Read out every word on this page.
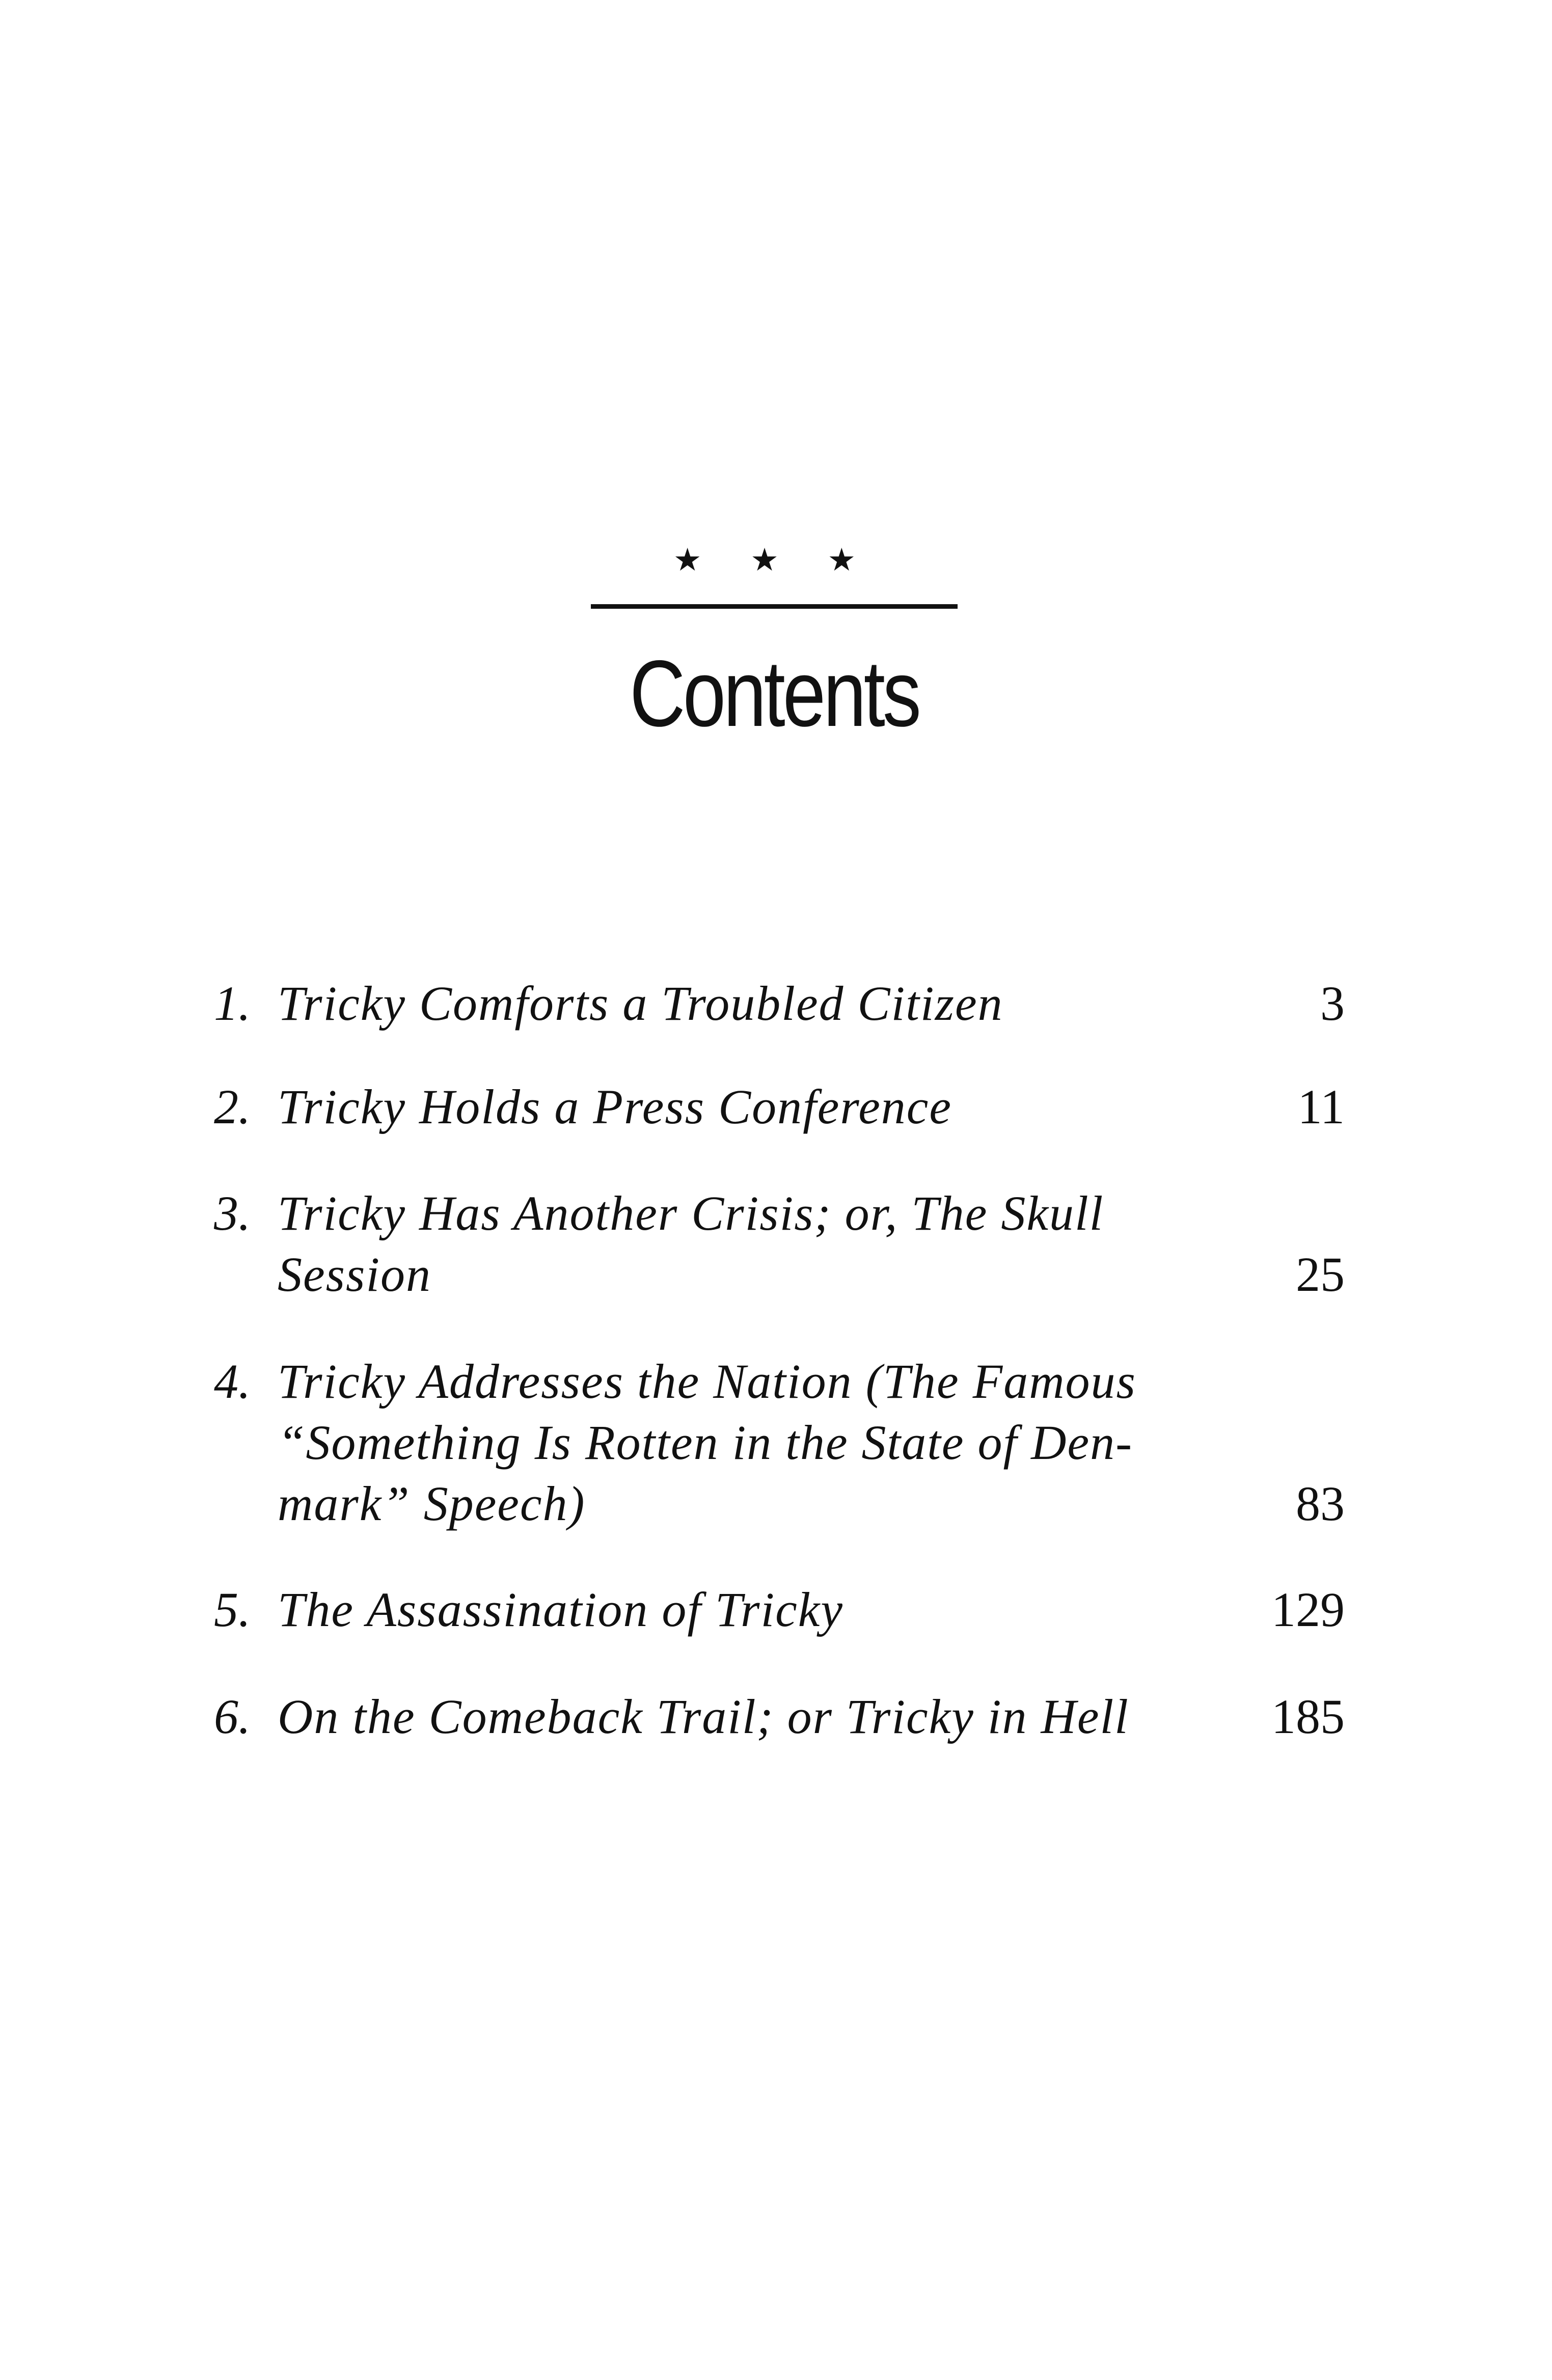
★ ★ ★
Contents
1. Tricky Comforts a Troubled Citizen	3
2. Tricky Holds a Press Conference	11
3. Tricky Has Another Crisis; or, The Skull
Session	25
4. Tricky Addresses the Nation (The Famous
“Something Is Rotten in the State of Den-
mark” Speech)	83
5. The Assassination of Tricky	129
6. On the Comeback Trail; or Tricky in Hell	185
